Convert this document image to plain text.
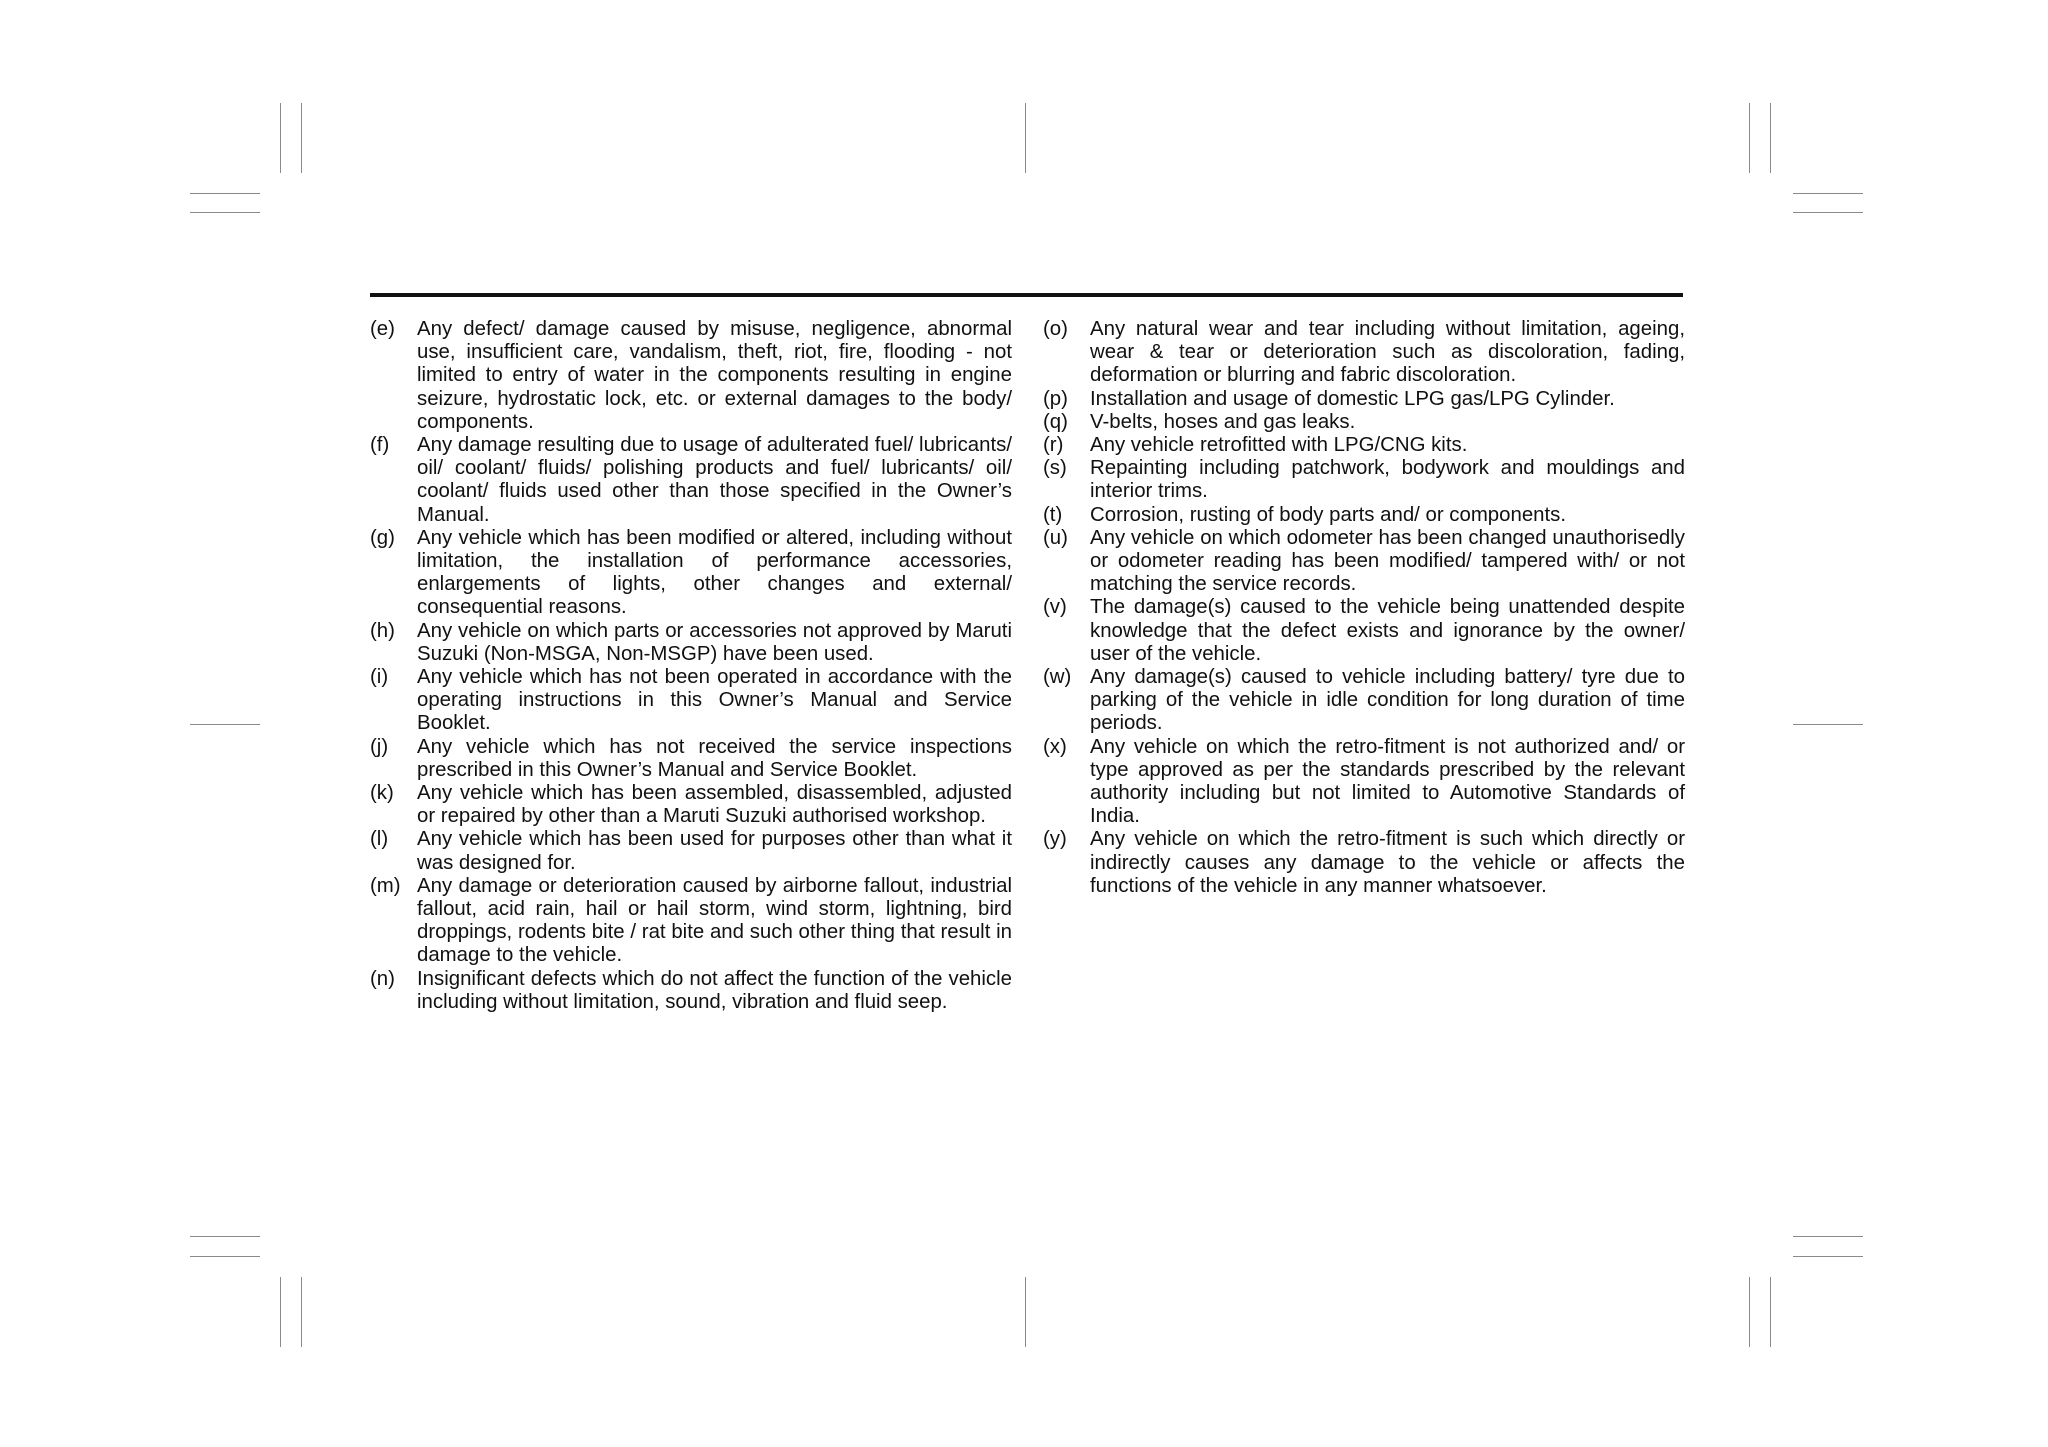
(e)	Any defect/ damage caused by misuse, negligence, abnormal use, insufficient care, vandalism, theft, riot, fire, flooding - not limited to entry of water in the components resulting in engine seizure, hydrostatic lock, etc. or external damages to the body/ components.
(f)	Any damage resulting due to usage of adulterated fuel/ lubricants/ oil/ coolant/ fluids/ polishing products and fuel/ lubricants/ oil/ coolant/ fluids used other than those specified in the Owner’s Manual.
(g)	Any vehicle which has been modified or altered, including without limitation, the installation of performance accessories, enlargements of lights, other changes and external/ consequential reasons.
(h)	Any vehicle on which parts or accessories not approved by Maruti Suzuki (Non-MSGA, Non-MSGP) have been used.
(i)	Any vehicle which has not been operated in accordance with the operating instructions in this Owner’s Manual and Service Booklet.
(j)	Any vehicle which has not received the service inspections prescribed in this Owner’s Manual and Service Booklet.
(k)	Any vehicle which has been assembled, disassembled, adjusted or repaired by other than a Maruti Suzuki authorised workshop.
(l)	Any vehicle which has been used for purposes other than what it was designed for.
(m) Any damage or deterioration caused by airborne fallout, industrial fallout, acid rain, hail or hail storm, wind storm, lightning, bird droppings, rodents bite / rat bite and such other thing that result in damage to the vehicle.
(n)	Insignificant defects which do not affect the function of the vehicle including without limitation, sound, vibration and fluid seep.
(o)	Any natural wear and tear including without limitation, ageing, wear & tear or deterioration such as discoloration, fading, deformation or blurring and fabric discoloration.
(p)	Installation and usage of domestic LPG gas/LPG Cylinder.
(q)	V-belts, hoses and gas leaks.
(r)	Any vehicle retrofitted with LPG/CNG kits.
(s)	Repainting including patchwork, bodywork and mouldings and interior trims.
(t)	Corrosion, rusting of body parts and/ or components.
(u)	Any vehicle on which odometer has been changed unauthorisedly or odometer reading has been modified/ tampered with/ or not matching the service records.
(v)	The damage(s) caused to the vehicle being unattended despite knowledge that the defect exists and ignorance by the owner/ user of the vehicle.
(w) Any damage(s) caused to vehicle including battery/ tyre due to parking of the vehicle in idle condition for long duration of time periods.
(x)	Any vehicle on which the retro-fitment is not authorized and/ or type approved as per the standards prescribed by the relevant authority including but not limited to Automotive Standards of India.
(y)	Any vehicle on which the retro-fitment is such which directly or indirectly causes any damage to the vehicle or affects the functions of the vehicle in any manner whatsoever.
